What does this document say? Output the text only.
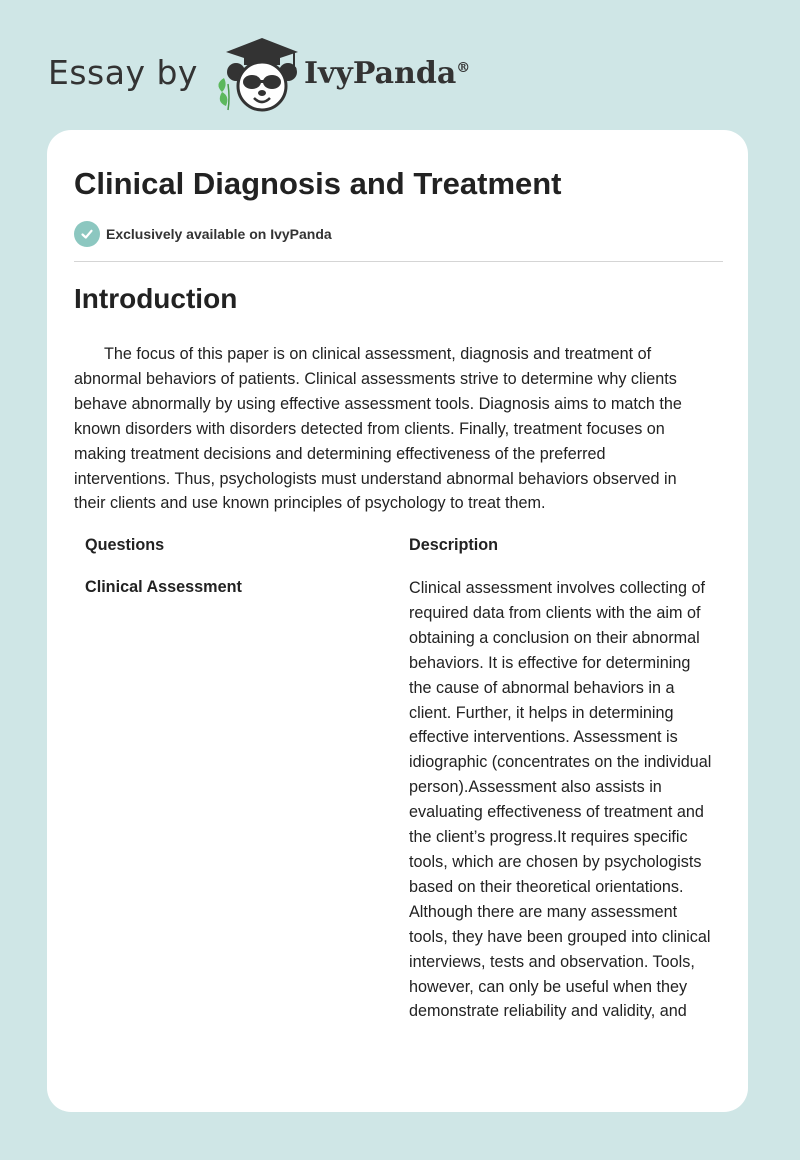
Essay by	IvyPanda®
Clinical Diagnosis and Treatment
Exclusively available on IvyPanda
Introduction

The focus of this paper is on clinical assessment, diagnosis and treatment of abnormal behaviors of patients. Clinical assessments strive to determine why clients behave abnormally by using effective assessment tools. Diagnosis aims to match the known disorders with disorders detected from clients. Finally, treatment focuses on making treatment decisions and determining effectiveness of the preferred interventions. Thus, psychologists must understand abnormal behaviors observed in their clients and use known principles of psychology to treat them.

Questions	Description
Clinical Assessment	Clinical assessment involves collecting of required data from clients with the aim of obtaining a conclusion on their abnormal behaviors. It is effective for determining the cause of abnormal behaviors in a client. Further, it helps in determining effective interventions. Assessment is idiographic (concentrates on the individual person).Assessment also assists in evaluating effectiveness of treatment and the client’s progress.It requires specific tools, which are chosen by psychologists based on their theoretical orientations. Although there are many assessment tools, they have been grouped into clinical interviews, tests and observation. Tools, however, can only be useful when they demonstrate reliability and validity, and
